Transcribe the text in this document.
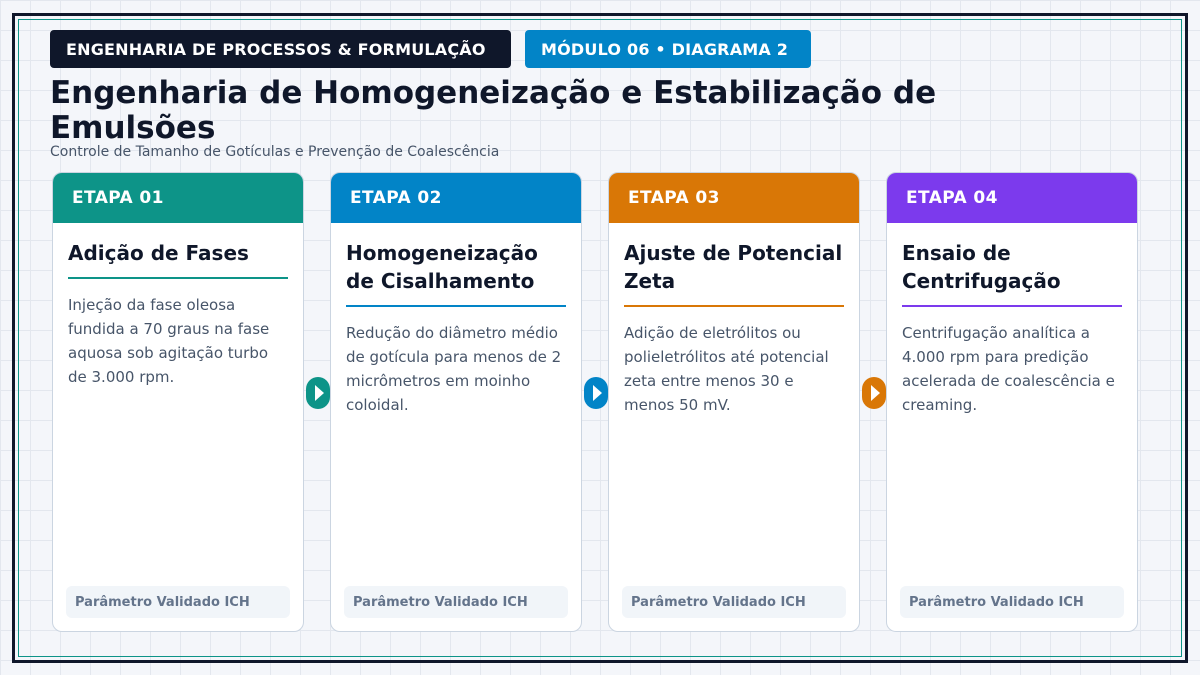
ENGENHARIA DE PROCESSOS & FORMULAÇÃO	MÓDULO 06 • DIAGRAMA 2
Engenharia de Homogeneização e Estabilização de Emulsões
Controle de Tamanho de Gotículas e Prevenção de Coalescência
ETAPA 01
Adição de Fases
Injeção da fase oleosa fundida a 70 graus na fase aquosa sob agitação turbo de 3.000 rpm.
Parâmetro Validado ICH
ETAPA 02
Homogeneização de Cisalhamento
Redução do diâmetro médio de gotícula para menos de 2 micrômetros em moinho coloidal.
Parâmetro Validado ICH
ETAPA 03
Ajuste de Potencial Zeta
Adição de eletrólitos ou polieletrólitos até potencial zeta entre menos 30 e menos 50 mV.
Parâmetro Validado ICH
ETAPA 04
Ensaio de Centrifugação
Centrifugação analítica a 4.000 rpm para predição acelerada de coalescência e creaming.
Parâmetro Validado ICH
